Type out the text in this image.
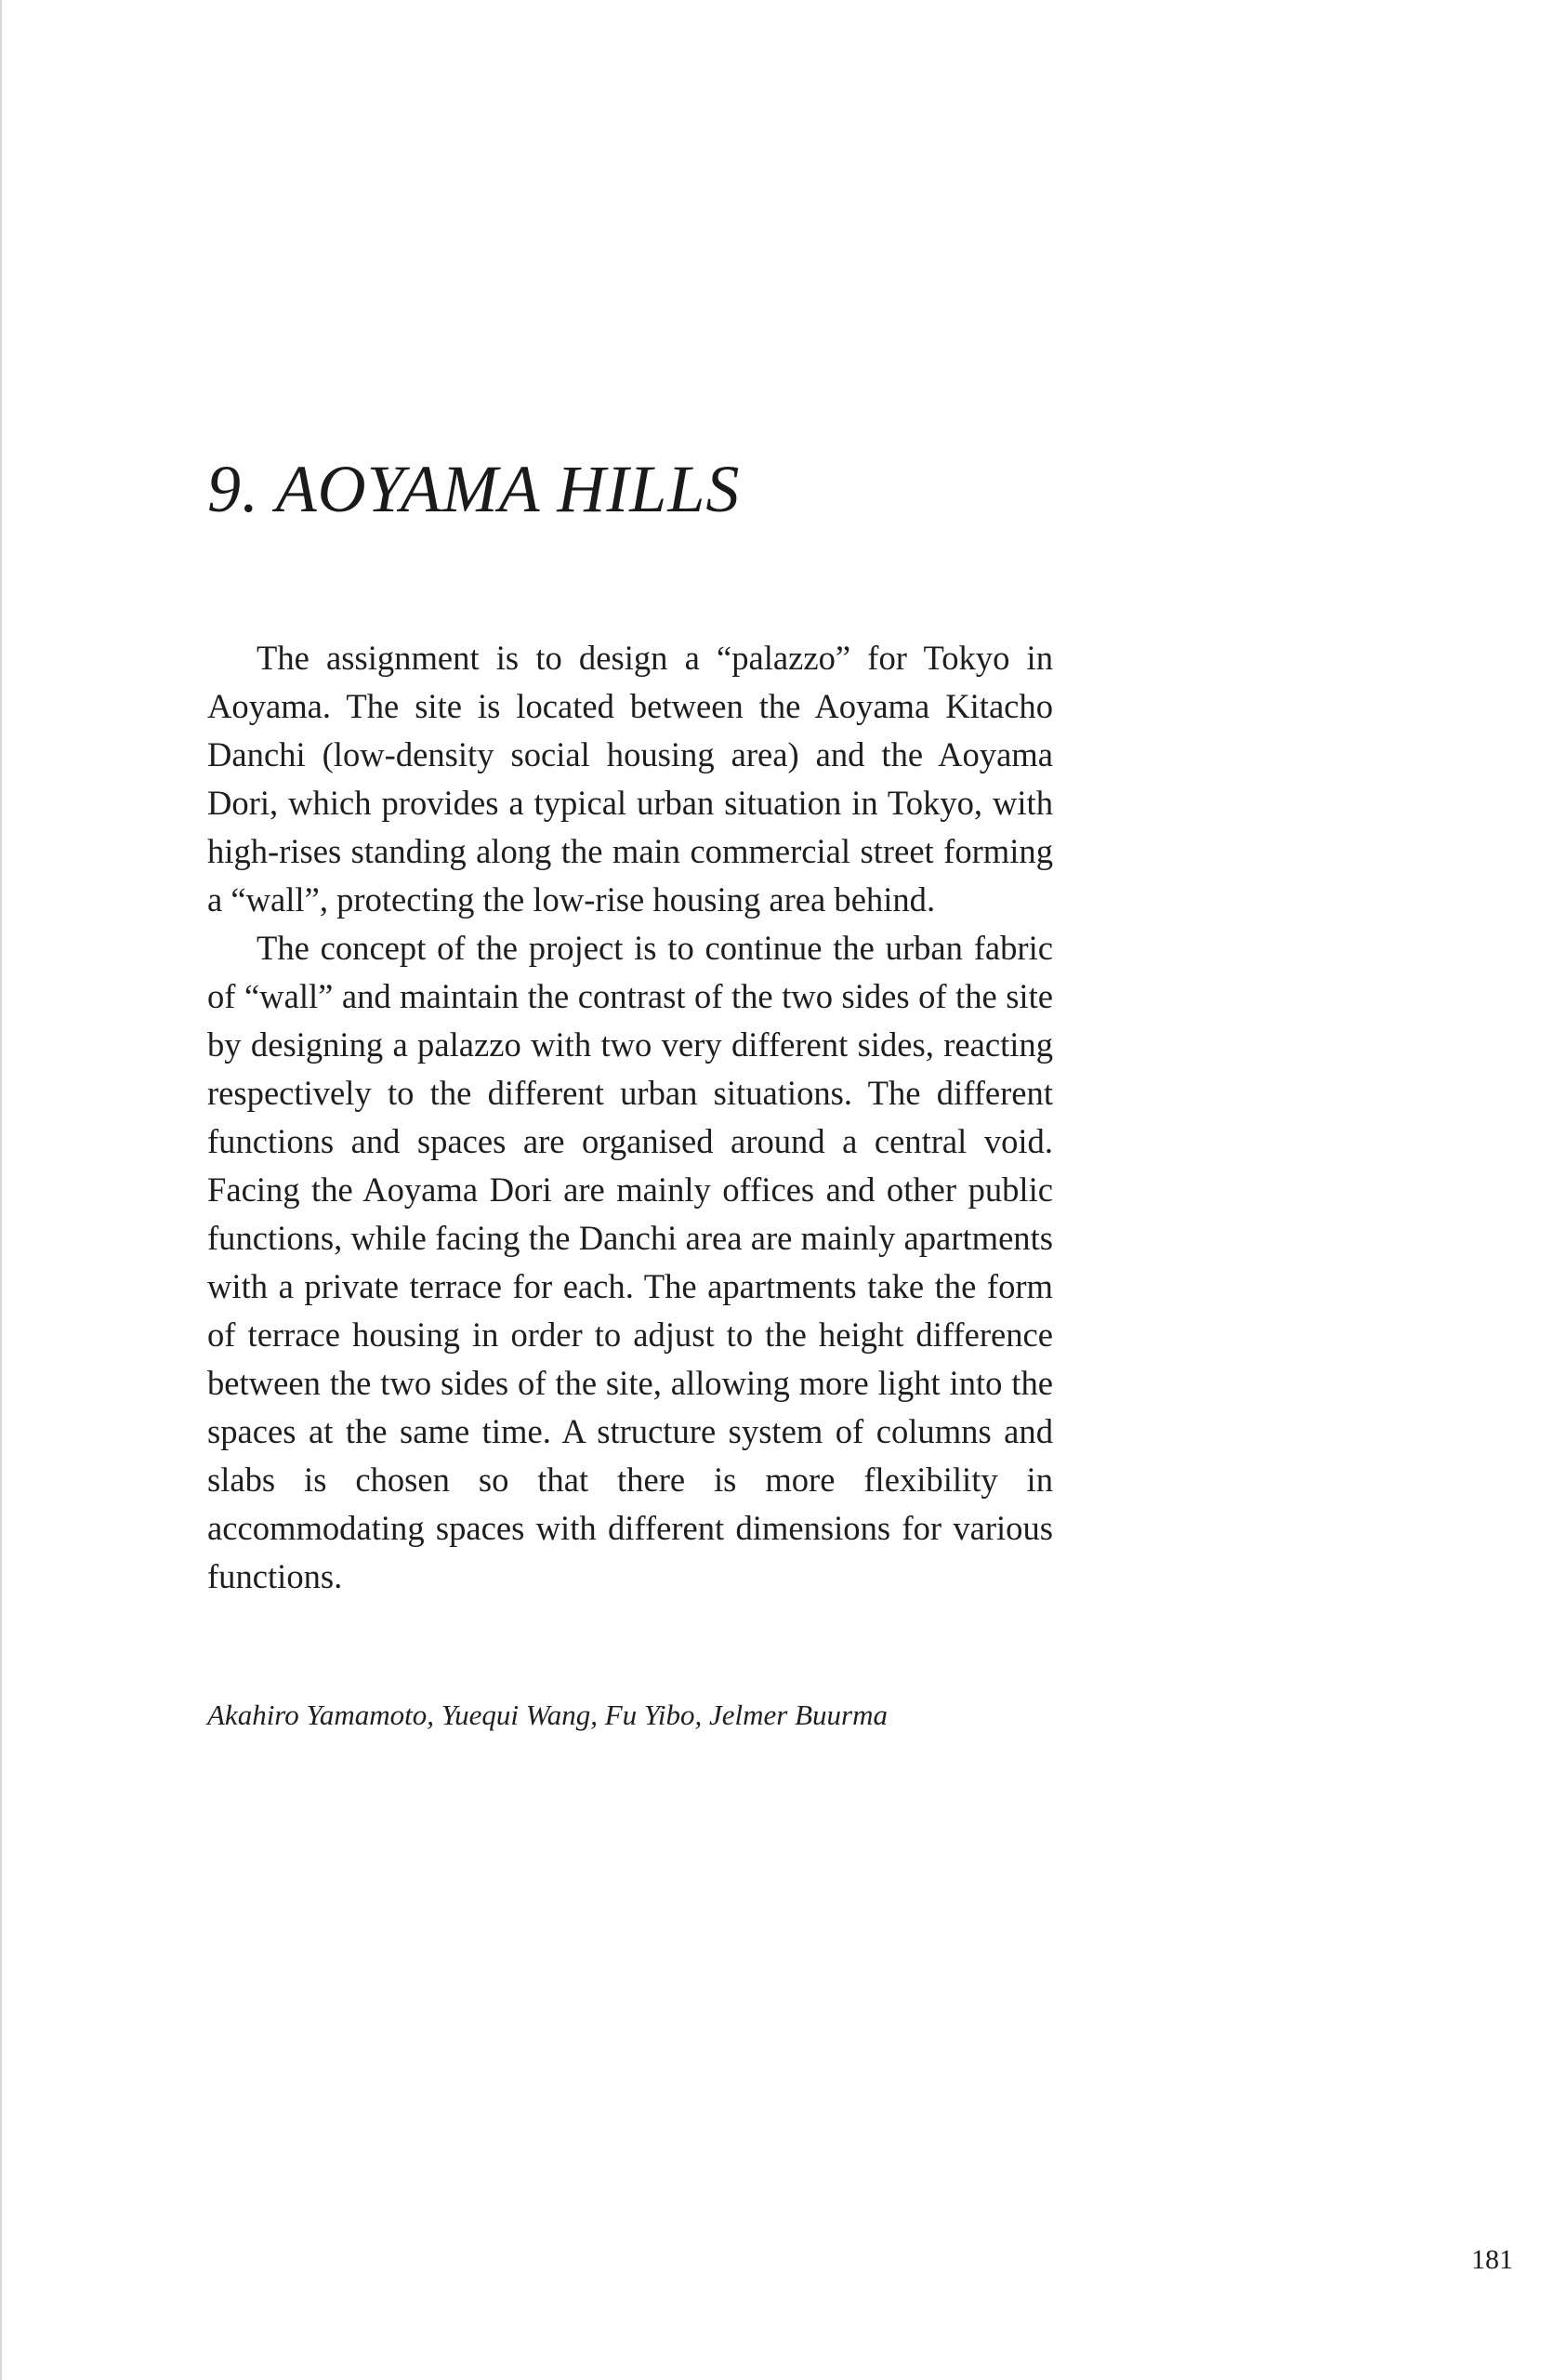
9. AOYAMA HILLS

The assignment is to design a “palazzo” for Tokyo in Aoyama. The site is located between the Aoyama Kitacho Danchi (low-density social housing area) and the Aoyama Dori, which provides a typical urban situation in Tokyo, with high-rises standing along the main commercial street forming a “wall”, protecting the low-rise housing area behind.

The concept of the project is to continue the urban fabric of “wall” and maintain the contrast of the two sides of the site by designing a palazzo with two very different sides, reacting respectively to the different urban situations. The different functions and spaces are organised around a central void. Facing the Aoyama Dori are mainly offices and other public functions, while facing the Danchi area are mainly apartments with a private terrace for each. The apartments take the form of terrace housing in order to adjust to the height difference between the two sides of the site, allowing more light into the spaces at the same time. A structure system of columns and slabs is chosen so that there is more flexibility in accommodating spaces with different dimensions for various functions.

Akahiro Yamamoto, Yuequi Wang, Fu Yibo, Jelmer Buurma

181
